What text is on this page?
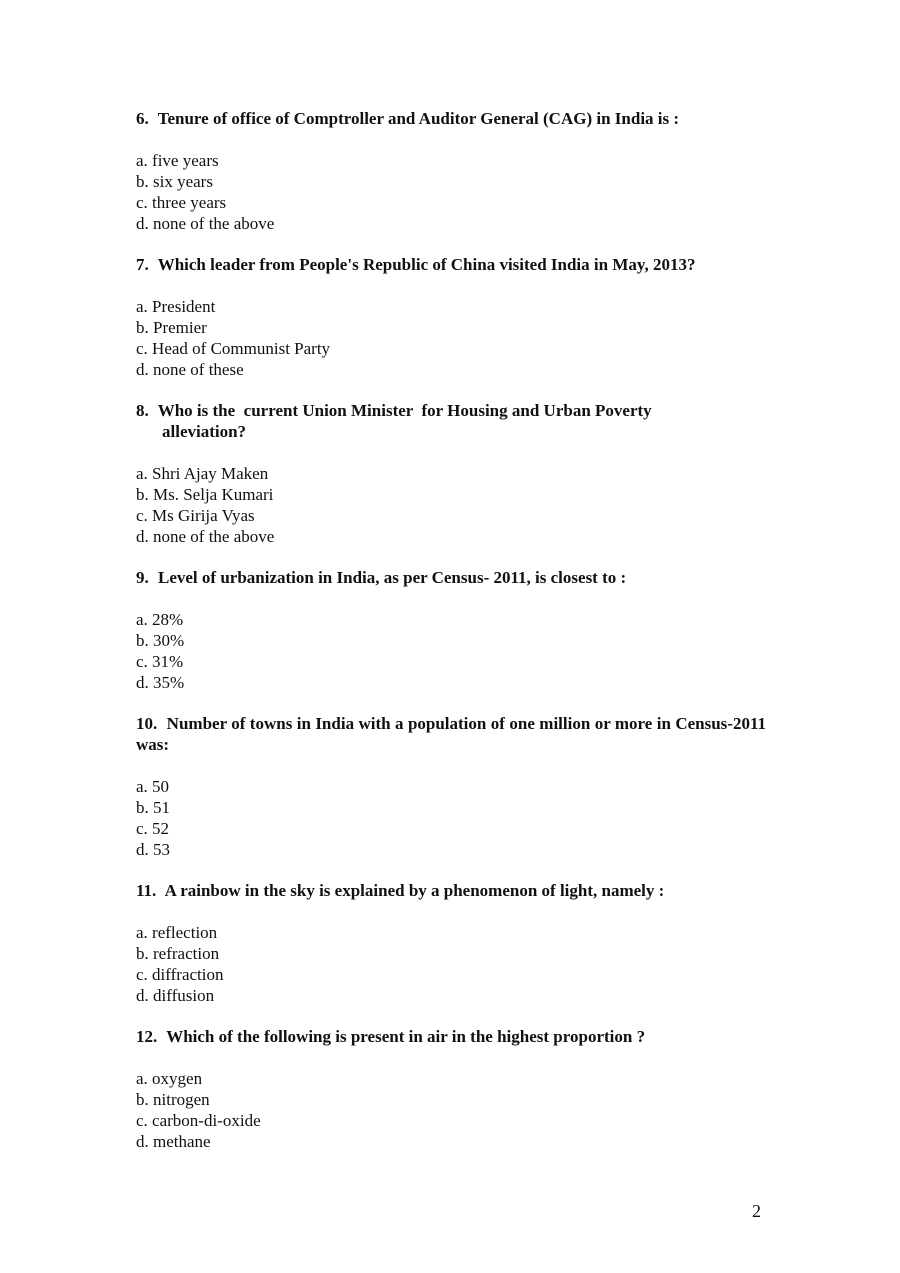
6. Tenure of office of Comptroller and Auditor General (CAG) in India is :

a. five years
b. six years
c. three years
d. none of the above

7. Which leader from People's Republic of China visited India in May, 2013?

a. President
b. Premier
c. Head of Communist Party
d. none of these

8. Who is the  current Union Minister  for Housing and Urban Poverty
alleviation?

a. Shri Ajay Maken
b. Ms. Selja Kumari
c. Ms Girija Vyas
d. none of the above

9. Level of urbanization in India, as per Census- 2011, is closest to :

a. 28%
b. 30%
c. 31%
d. 35%

10. Number of towns in India with a population of one million or more in Census-2011 was:

a. 50
b. 51
c. 52
d. 53

11. A rainbow in the sky is explained by a phenomenon of light, namely :

a. reflection
b. refraction
c. diffraction
d. diffusion

12. Which of the following is present in air in the highest proportion ?

a. oxygen
b. nitrogen
c. carbon-di-oxide
d. methane
2
